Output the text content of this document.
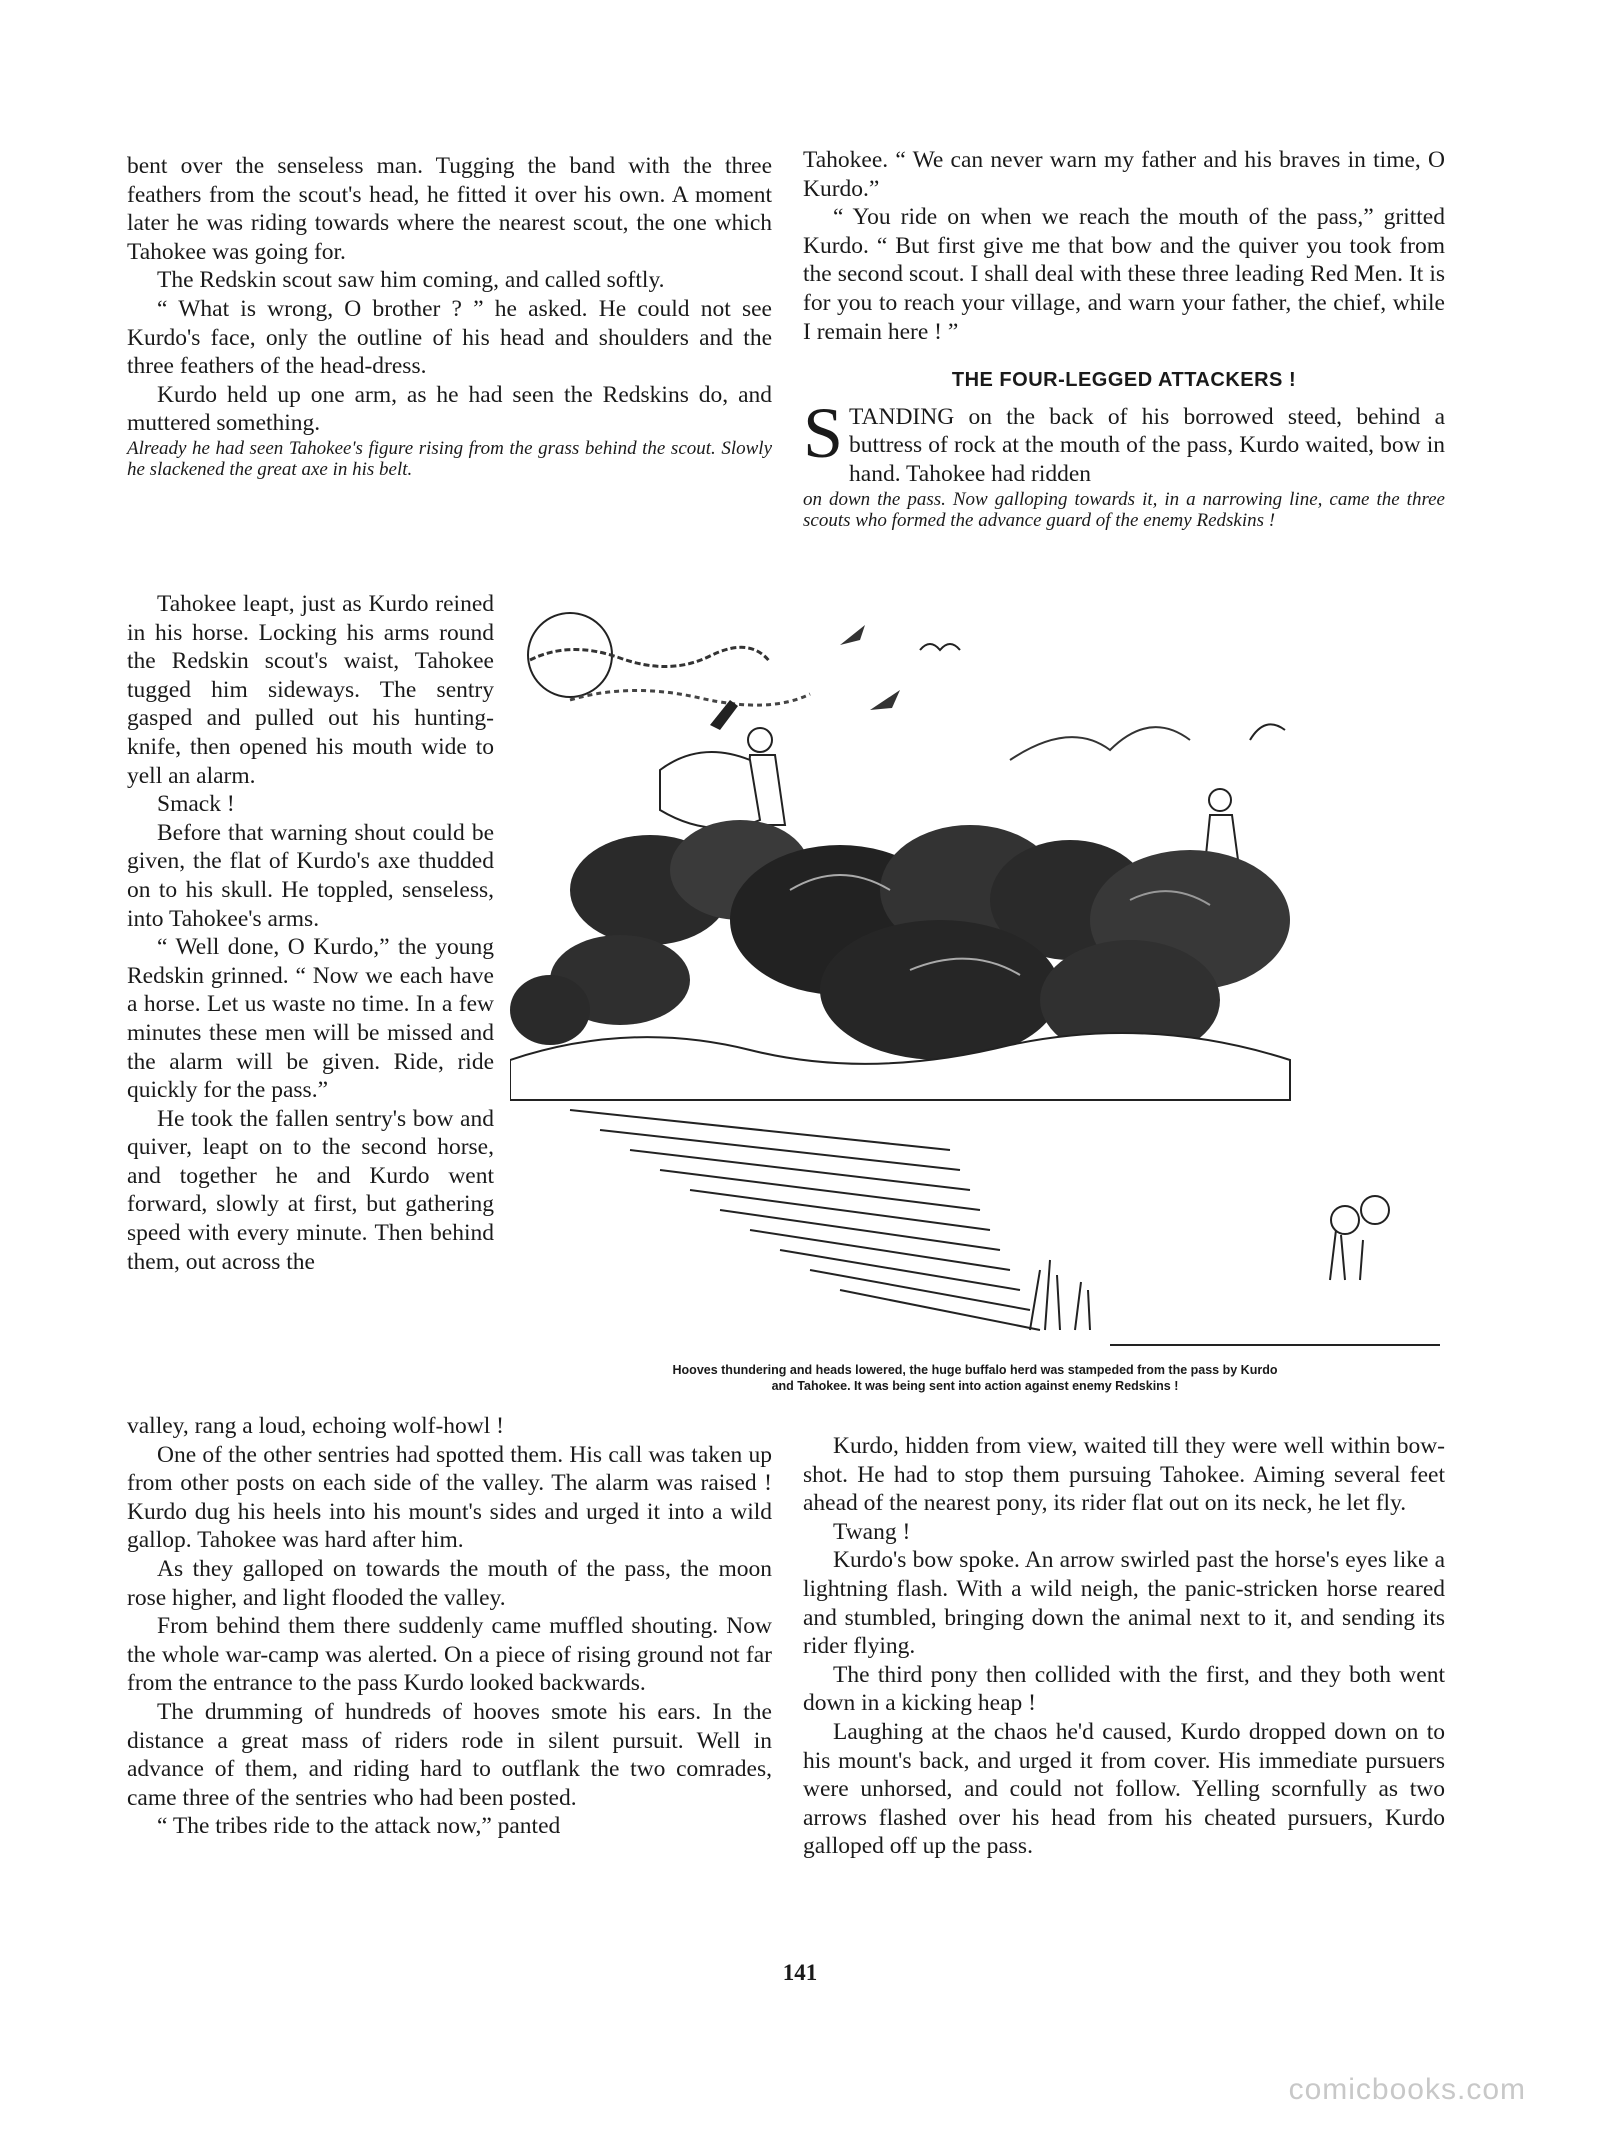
bent over the senseless man. Tugging the band with the three feathers from the scout's head, he fitted it over his own. A moment later he was riding towards where the nearest scout, the one which Tahokee was going for.

The Redskin scout saw him coming, and called softly.

“ What is wrong, O brother ? ” he asked. He could not see Kurdo's face, only the outline of his head and shoulders and the three feathers of the head-dress.

Kurdo held up one arm, as he had seen the Redskins do, and muttered something.

Already he had seen Tahokee's figure rising from the grass behind the scout. Slowly he slackened the great axe in his belt.

Tahokee leapt, just as Kurdo reined in his horse. Locking his arms round the Redskin scout's waist, Tahokee tugged him sideways. The sentry gasped and pulled out his hunting-knife, then opened his mouth wide to yell an alarm.

Smack !

Before that warning shout could be given, the flat of Kurdo's axe thudded on to his skull. He toppled, senseless, into Tahokee's arms.

“ Well done, O Kurdo,” the young Redskin grinned. “ Now we each have a horse. Let us waste no time. In a few minutes these men will be missed and the alarm will be given. Ride, ride quickly for the pass.”

He took the fallen sentry's bow and quiver, leapt on to the second horse, and together he and Kurdo went forward, slowly at first, but gathering speed with every minute. Then behind them, out across the

valley, rang a loud, echoing wolf-howl !

One of the other sentries had spotted them. His call was taken up from other posts on each side of the valley. The alarm was raised ! Kurdo dug his heels into his mount's sides and urged it into a wild gallop. Tahokee was hard after him.

As they galloped on towards the mouth of the pass, the moon rose higher, and light flooded the valley.

From behind them there suddenly came muffled shouting. Now the whole war-camp was alerted. On a piece of rising ground not far from the entrance to the pass Kurdo looked backwards.

The drumming of hundreds of hooves smote his ears. In the distance a great mass of riders rode in silent pursuit. Well in advance of them, and riding hard to outflank the two comrades, came three of the sentries who had been posted.

“ The tribes ride to the attack now,” panted

Tahokee. “ We can never warn my father and his braves in time, O Kurdo.”

“ You ride on when we reach the mouth of the pass,” gritted Kurdo. “ But first give me that bow and the quiver you took from the second scout. I shall deal with these three leading Red Men. It is for you to reach your village, and warn your father, the chief, while I remain here ! ”

THE FOUR-LEGGED ATTACKERS !

STANDING on the back of his borrowed steed, behind a buttress of rock at the mouth of the pass, Kurdo waited, bow in hand. Tahokee had ridden

on down the pass. Now galloping towards it, in a narrowing line, came the three scouts who formed the advance guard of the enemy Redskins !

Hooves thundering and heads lowered, the huge buffalo herd was stampeded from the pass by Kurdo
and Tahokee. It was being sent into action against enemy Redskins !

Kurdo, hidden from view, waited till they were well within bow-shot. He had to stop them pursuing Tahokee. Aiming several feet ahead of the nearest pony, its rider flat out on its neck, he let fly.

Twang !

Kurdo's bow spoke. An arrow swirled past the horse's eyes like a lightning flash. With a wild neigh, the panic-stricken horse reared and stumbled, bringing down the animal next to it, and sending its rider flying.

The third pony then collided with the first, and they both went down in a kicking heap !

Laughing at the chaos he'd caused, Kurdo dropped down on to his mount's back, and urged it from cover. His immediate pursuers were unhorsed, and could not follow. Yelling scornfully as two arrows flashed over his head from his cheated pursuers, Kurdo galloped off up the pass.

141
comicbooks.com
